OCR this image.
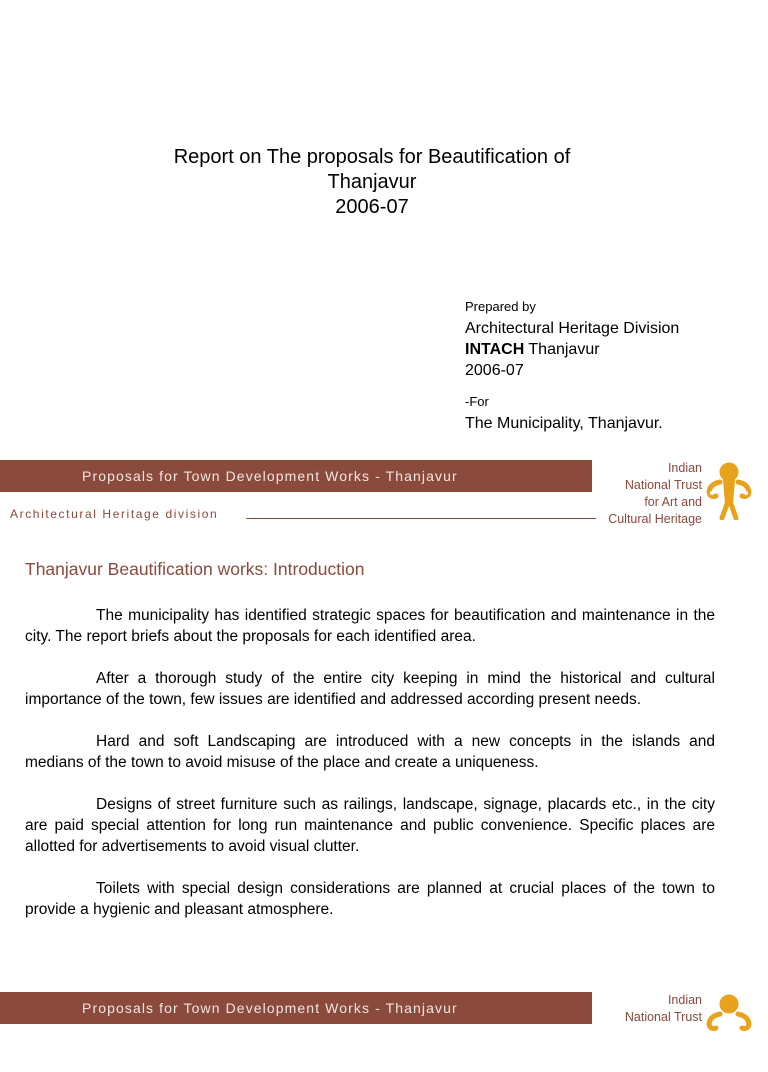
Report on The proposals for Beautification of
Thanjavur
2006-07
Prepared by
Architectural Heritage Division
INTACH Thanjavur
2006-07
-For
The Municipality, Thanjavur.
Proposals for Town Development Works - Thanjavur
Architectural Heritage division
Indian
National Trust
for Art and
Cultural Heritage
Thanjavur Beautification works: Introduction

The municipality has identified strategic spaces for beautification and maintenance in the city. The report briefs about the proposals for each identified area.

After a thorough study of the entire city keeping in mind the historical and cultural importance of the town, few issues are identified and addressed according present needs.

Hard and soft Landscaping are introduced with a new concepts in the islands and medians of the town to avoid misuse of the place and create a uniqueness.

Designs of street furniture such as railings, landscape, signage, placards etc., in the city are paid special attention for long run maintenance and public convenience. Specific places are allotted for advertisements to avoid visual clutter.

Toilets with special design considerations are planned at crucial places of the town to provide a hygienic and pleasant atmosphere.

Proposals for Town Development Works - Thanjavur	Indian
National Trust
